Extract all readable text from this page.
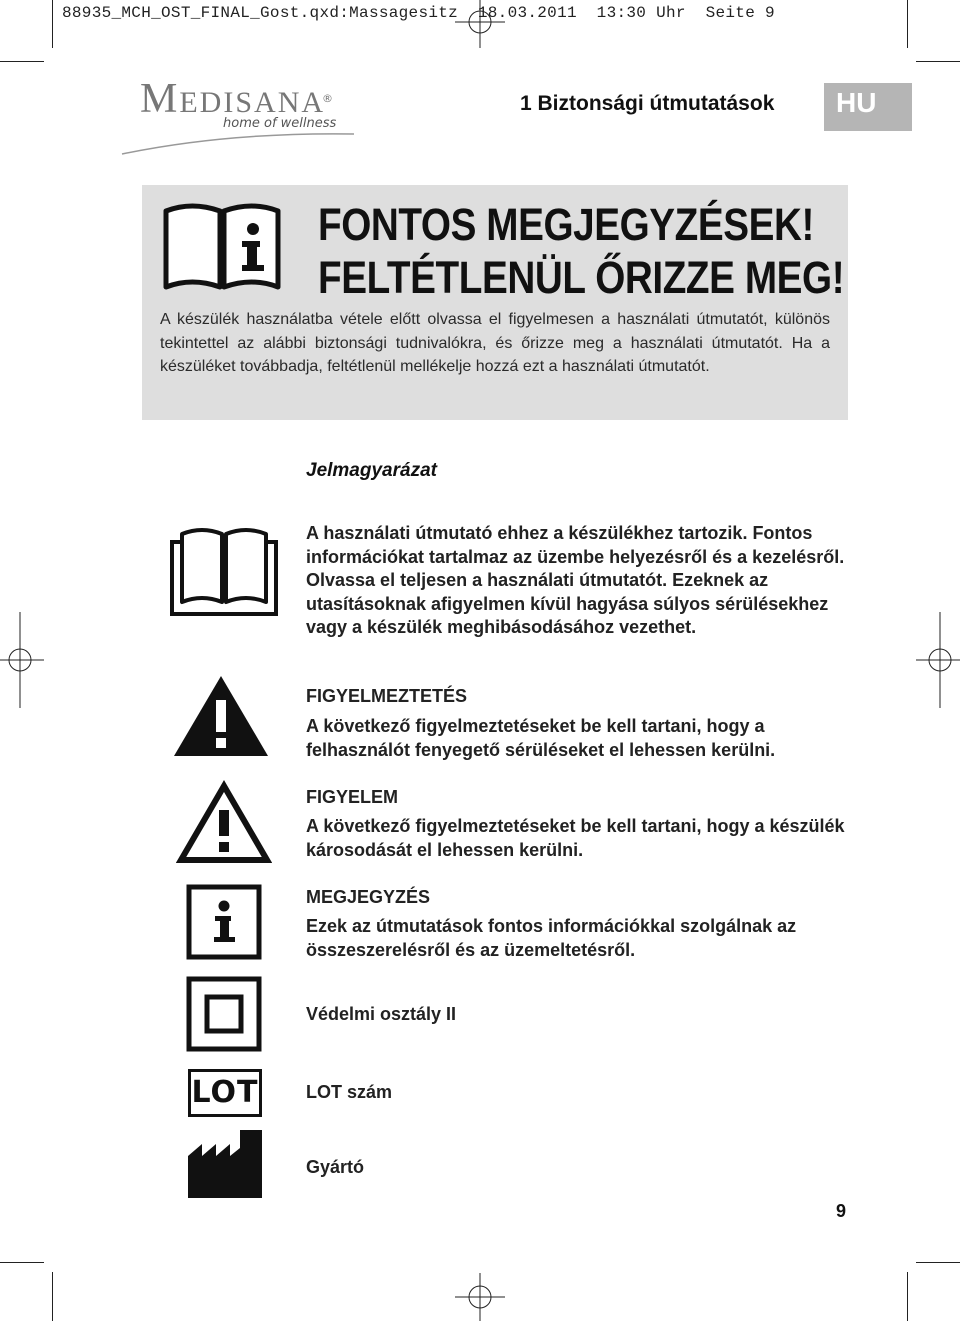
88935_MCH_OST_FINAL_Gost.qxd:Massagesitz  18.03.2011  13:30 Uhr  Seite 9
MEDISANA
®
home of wellness
1 Biztonsági útmutatások	HU
FONTOS MEGJEGYZÉSEK!
FELTÉTLENÜL ŐRIZZE MEG!
A készülék használatba vétele előtt olvassa el figyelmesen a használati útmutatót, különös tekintettel az alábbi biztonsági tudnivalókra, és őrizze meg a használati útmutatót. Ha a készüléket továbbadja, feltétlenül mellékelje hozzá ezt a használati útmutatót.
Jelmagyarázat
A használati útmutató ehhez a készülékhez tartozik. Fontos információkat tartalmaz az üzembe helyezésről és a kezelésről. Olvassa el teljesen a használati útmutatót. Ezeknek az utasításoknak afigyelmen kívül hagyása súlyos sérülésekhez vagy a készülék meghibásodásához vezethet.
FIGYELMEZTETÉS
A következő figyelmeztetéseket be kell tartani, hogy a felhasználót fenyegető sérüléseket el lehessen kerülni.
FIGYELEM
A következő figyelmeztetéseket be kell tartani, hogy a készülék károsodását el lehessen kerülni.
MEGJEGYZÉS
Ezek az útmutatások fontos információkkal szolgálnak az összeszerelésről és az üzemeltetésről.
Védelmi osztály II
LOT	LOT szám
Gyártó
9
